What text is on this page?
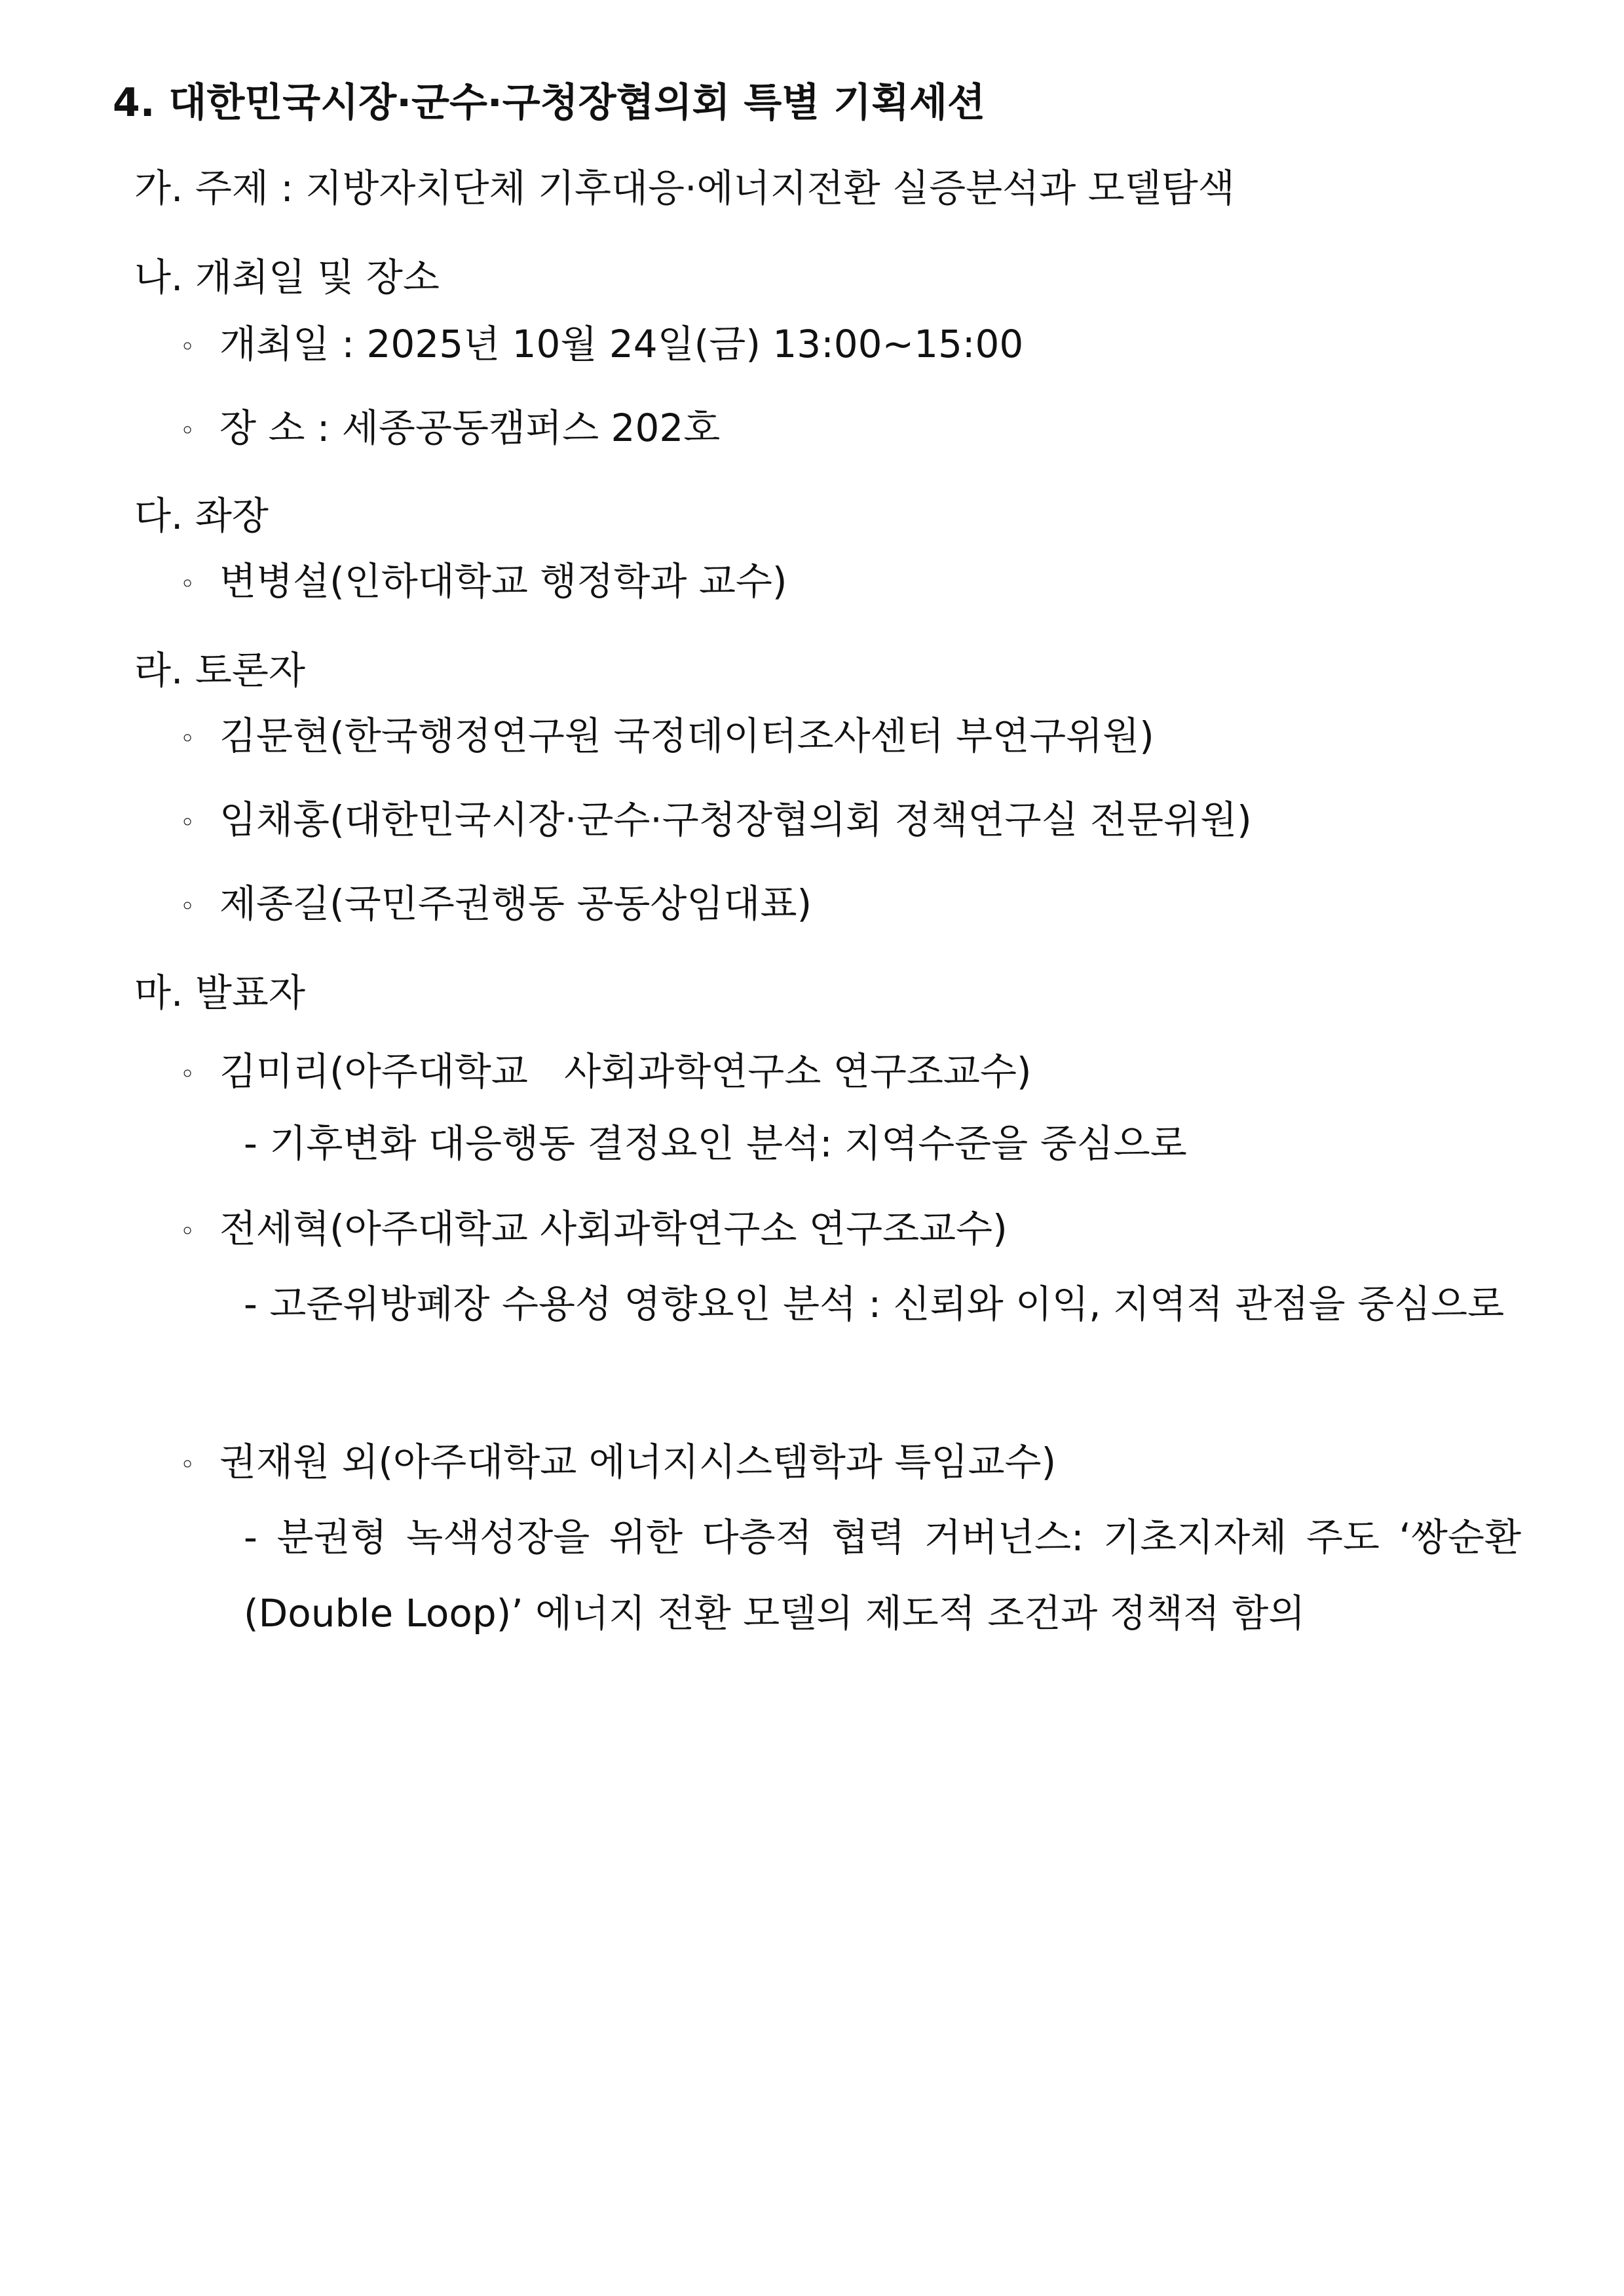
4. 대한민국시장·군수·구청장협의회 특별 기획세션
가. 주제 : 지방자치단체 기후대응·에너지전환 실증분석과 모델탐색
나. 개최일 및 장소
◦ 개최일 : 2025년 10월 24일(금) 13:00~15:00
◦ 장 소 : 세종공동캠퍼스 202호
다. 좌장
◦ 변병설(인하대학교 행정학과 교수)
라. 토론자
◦ 김문현(한국행정연구원 국정데이터조사센터 부연구위원)
◦ 임채홍(대한민국시장·군수·구청장협의회 정책연구실 전문위원)
◦ 제종길(국민주권행동 공동상임대표)
마. 발표자
◦ 김미리(아주대학교   사회과학연구소 연구조교수)
- 기후변화 대응행동 결정요인 분석: 지역수준을 중심으로
◦ 전세혁(아주대학교 사회과학연구소 연구조교수)
- 고준위방폐장 수용성 영향요인 분석 : 신뢰와 이익, 지역적 관점을 중심으로
◦ 권재원 외(아주대학교 에너지시스템학과 특임교수)
- 분권형 녹색성장을 위한 다층적 협력 거버넌스: 기초지자체 주도 ‘쌍순환(Double Loop)’ 에너지 전환 모델의 제도적 조건과 정책적 함의
